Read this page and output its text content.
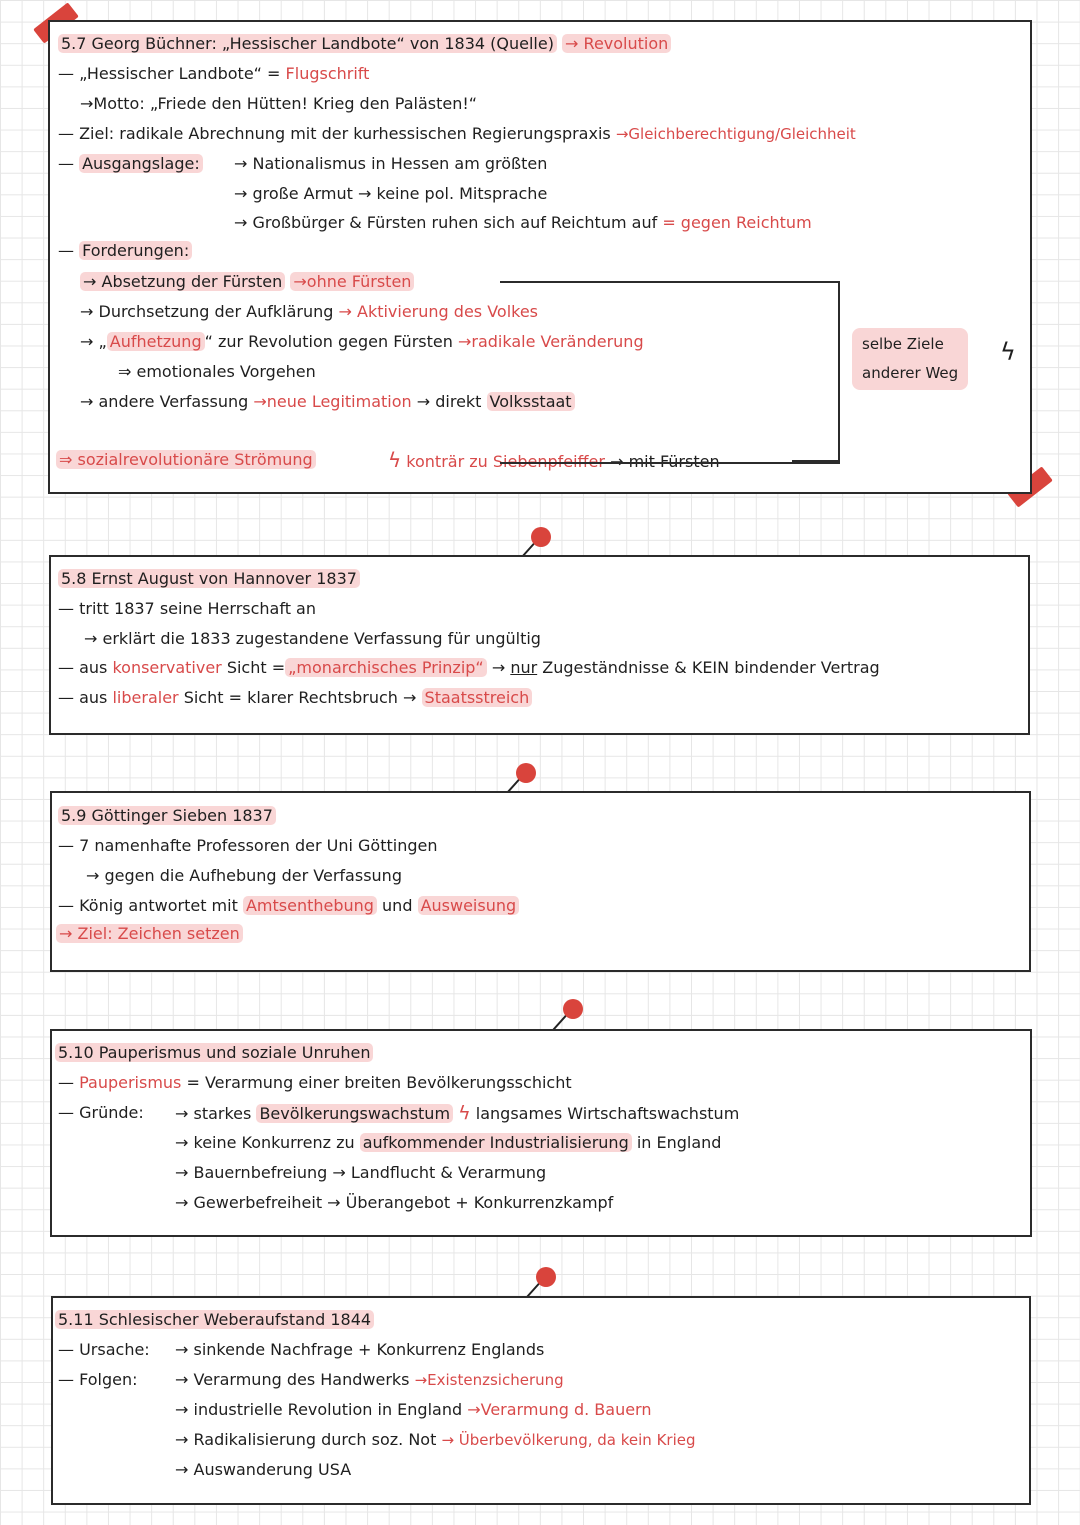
5.7 Georg Büchner: „Hessischer Landbote“ von 1834 (Quelle) → Revolution
— „Hessischer Landbote“ = Flugschrift
→Motto: „Friede den Hütten! Krieg den Palästen!“
— Ziel: radikale Abrechnung mit der kurhessischen Regierungspraxis →Gleichberechtigung/Gleichheit
— Ausgangslage: → Nationalismus in Hessen am größten
→ große Armut → keine pol. Mitsprache
→ Großbürger & Fürsten ruhen sich auf Reichtum auf = gegen Reichtum
— Forderungen:
→ Absetzung der Fürsten →ohne Fürsten
→ Durchsetzung der Aufklärung → Aktivierung des Volkes
→ „ Aufhetzung “ zur Revolution gegen Fürsten →radikale Veränderung
⇒ emotionales Vorgehen
→ andere Verfassung →neue Legitimation → direkt Volksstaat
⇒ sozialrevolutionäre Strömung	ϟ konträr zu Siebenpfeiffer → mit Fürsten
selbe Ziele
anderer Weg
ϟ
5.8 Ernst August von Hannover 1837
— tritt 1837 seine Herrschaft an
→ erklärt die 1833 zugestandene Verfassung für ungültig
— aus konservativer Sicht = „monarchisches Prinzip“ → nur Zugeständnisse & KEIN bindender Vertrag
— aus liberaler Sicht = klarer Rechtsbruch → Staatsstreich
5.9 Göttinger Sieben 1837
— 7 namenhafte Professoren der Uni Göttingen
→ gegen die Aufhebung der Verfassung
— König antwortet mit Amtsenthebung und Ausweisung
→ Ziel: Zeichen setzen
5.10 Pauperismus und soziale Unruhen
— Pauperismus = Verarmung einer breiten Bevölkerungsschicht
— Gründe: → starkes Bevölkerungswachstum ϟ langsames Wirtschaftswachstum
→ keine Konkurrenz zu aufkommender Industrialisierung in England
→ Bauernbefreiung → Landflucht & Verarmung
→ Gewerbefreiheit → Überangebot + Konkurrenzkampf
5.11 Schlesischer Weberaufstand 1844
— Ursache: → sinkende Nachfrage + Konkurrenz Englands
— Folgen: → Verarmung des Handwerks →Existenzsicherung
→ industrielle Revolution in England →Verarmung d. Bauern
→ Radikalisierung durch soz. Not → Überbevölkerung, da kein Krieg
→ Auswanderung USA
